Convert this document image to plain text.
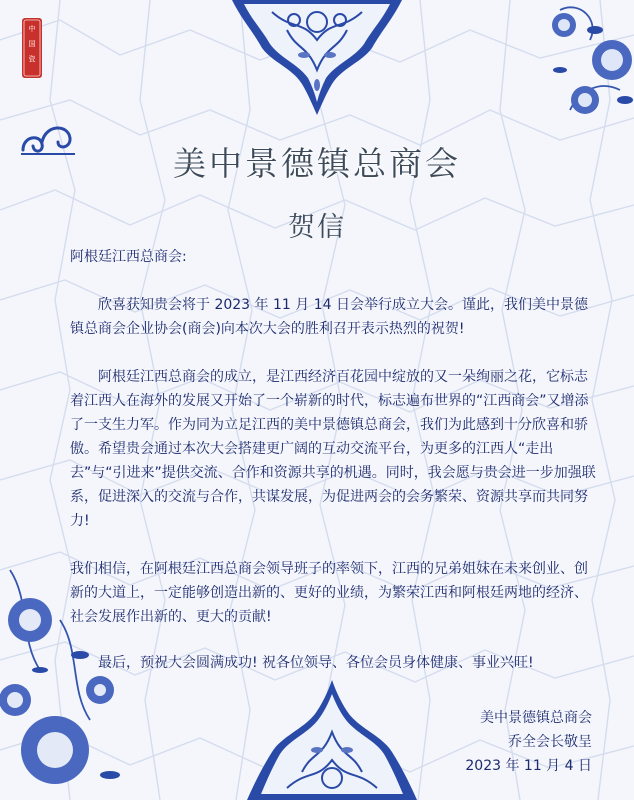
中
国
瓷
美中景德镇总商会
贺信

阿根廷江西总商会:

欣喜获知贵会将于 2023 年 11 月 14 日会举行成立大会。谨此，我们美中景德镇总商会企业协会(商会)向本次大会的胜利召开表示热烈的祝贺!

阿根廷江西总商会的成立，是江西经济百花园中绽放的又一朵绚丽之花，它标志着江西人在海外的发展又开始了一个崭新的时代，标志遍布世界的“江西商会”又增添了一支生力军。作为同为立足江西的美中景德镇总商会，我们为此感到十分欣喜和骄傲。希望贵会通过本次大会搭建更广阔的互动交流平台，为更多的江西人“走出去”与“引进来”提供交流、合作和资源共享的机遇。同时，我会愿与贵会进一步加强联系，促进深入的交流与合作，共谋发展，为促进两会的会务繁荣、资源共享而共同努力!

我们相信，在阿根廷江西总商会领导班子的率领下，江西的兄弟姐妹在未来创业、创新的大道上，一定能够创造出新的、更好的业绩，为繁荣江西和阿根廷两地的经济、社会发展作出新的、更大的贡献!

最后，预祝大会圆满成功! 祝各位领导、各位会员身体健康、事业兴旺!

美中景德镇总商会
乔全会长敬呈
2023 年 11 月 4 日
